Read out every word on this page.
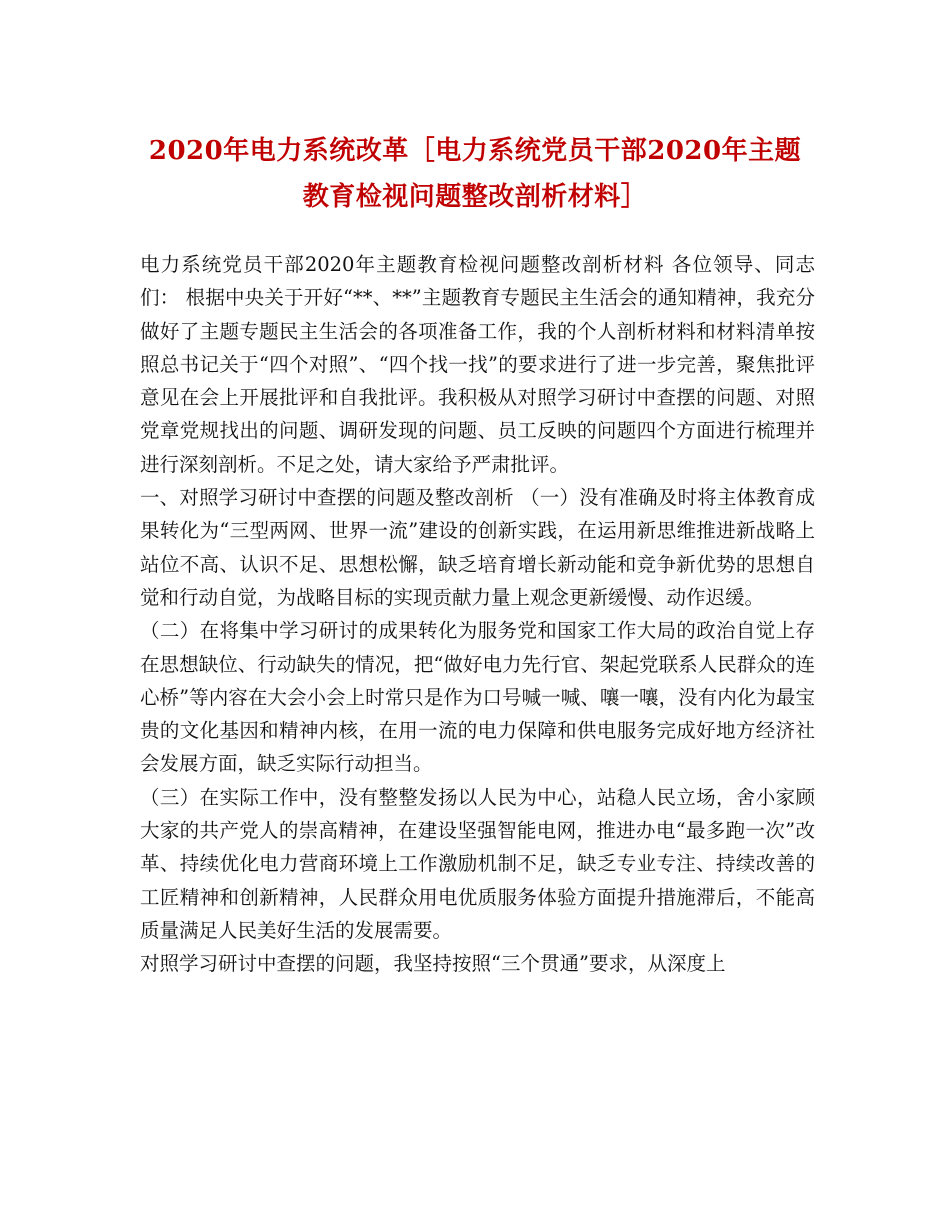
2020年电力系统改革［电力系统党员干部2020年主题教育检视问题整改剖析材料］

电力系统党员干部2020年主题教育检视问题整改剖析材料 各位领导、同志们： 根据中央关于开好“**、**”主题教育专题民主生活会的通知精神，我充分做好了主题专题民主生活会的各项准备工作，我的个人剖析材料和材料清单按照总书记关于“四个对照”、“四个找一找”的要求进行了进一步完善，聚焦批评意见在会上开展批评和自我批评。我积极从对照学习研讨中查摆的问题、对照党章党规找出的问题、调研发现的问题、员工反映的问题四个方面进行梳理并进行深刻剖析。不足之处，请大家给予严肃批评。

一、对照学习研讨中查摆的问题及整改剖析 （一）没有准确及时将主体教育成果转化为“三型两网、世界一流”建设的创新实践，在运用新思维推进新战略上站位不高、认识不足、思想松懈，缺乏培育增长新动能和竞争新优势的思想自觉和行动自觉，为战略目标的实现贡献力量上观念更新缓慢、动作迟缓。

（二）在将集中学习研讨的成果转化为服务党和国家工作大局的政治自觉上存在思想缺位、行动缺失的情况，把“做好电力先行官、架起党联系人民群众的连心桥”等内容在大会小会上时常只是作为口号喊一喊、嚷一嚷，没有内化为最宝贵的文化基因和精神内核，在用一流的电力保障和供电服务完成好地方经济社会发展方面，缺乏实际行动担当。

（三）在实际工作中，没有整整发扬以人民为中心，站稳人民立场，舍小家顾大家的共产党人的崇高精神，在建设坚强智能电网，推进办电“最多跑一次”改革、持续优化电力营商环境上工作激励机制不足，缺乏专业专注、持续改善的工匠精神和创新精神，人民群众用电优质服务体验方面提升措施滞后，不能高质量满足人民美好生活的发展需要。

对照学习研讨中查摆的问题，我坚持按照“三个贯通”要求，从深度上
